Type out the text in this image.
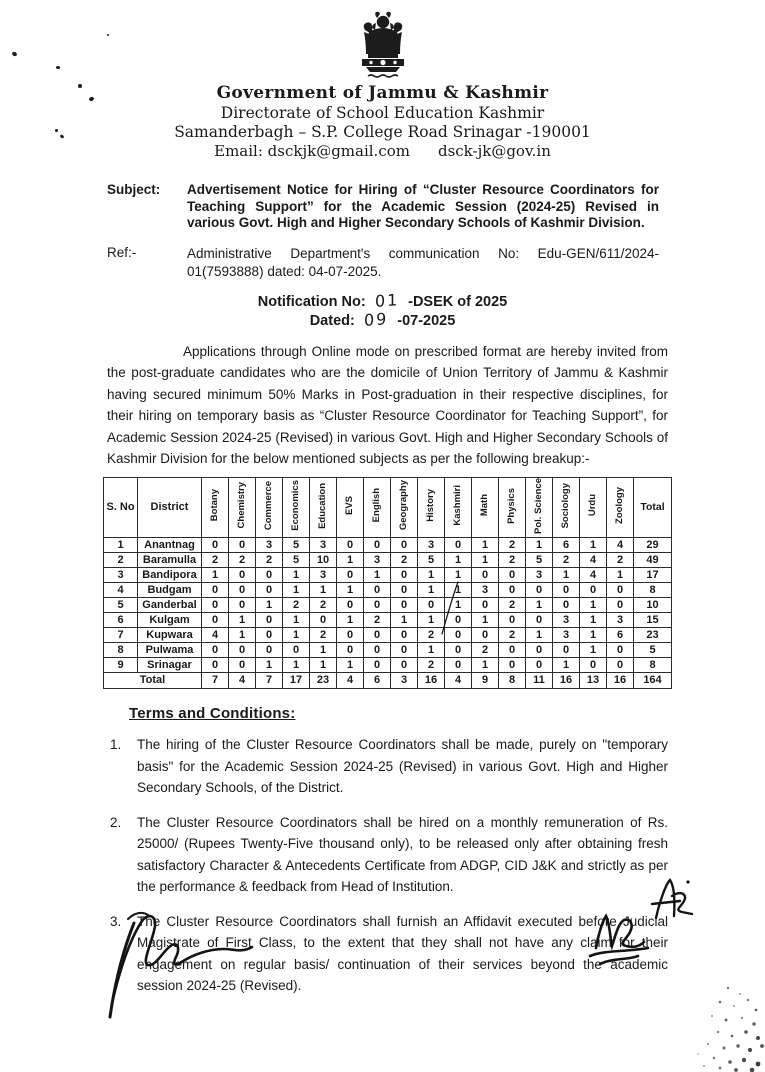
Government of Jammu & Kashmir
Directorate of School Education Kashmir
Samanderbagh – S.P. College Road Srinagar -190001
Email: dsckjk@gmail.com dsck-jk@gov.in
Subject:	Advertisement Notice for Hiring of “Cluster Resource Coordinators for Teaching Support” for the Academic Session (2024-25) Revised in various Govt. High and Higher Secondary Schools of Kashmir Division.
Ref:-	Administrative Department's communication No: Edu-GEN/611/2024-01(7593888) dated: 04-07-2025.
Notification No: 01 -DSEK of 2025
Dated: 09 -07-2025

Applications through Online mode on prescribed format are hereby invited from the post-graduate candidates who are the domicile of Union Territory of Jammu & Kashmir having secured minimum 50% Marks in Post-graduation in their respective disciplines, for their hiring on temporary basis as “Cluster Resource Coordinator for Teaching Support”, for Academic Session 2024-25 (Revised) in various Govt. High and Higher Secondary Schools of Kashmir Division for the below mentioned subjects as per the following breakup:-

S. No	District	Botany	Chemistry	Commerce	Economics	Education	EVS	English	Geography	History	Kashmiri	Math	Physics	Pol. Science	Sociology	Urdu	Zoology	Total
1	Anantnag	0	0	3	5	3	0	0	0	3	0	1	2	1	6	1	4	29
2	Baramulla	2	2	2	5	10	1	3	2	5	1	1	2	5	2	4	2	49
3	Bandipora	1	0	0	1	3	0	1	0	1	1	0	0	3	1	4	1	17
4	Budgam	0	0	0	1	1	1	0	0	1	1	3	0	0	0	0	0	8
5	Ganderbal	0	0	1	2	2	0	0	0	0	1	0	2	1	0	1	0	10
6	Kulgam	0	1	0	1	0	1	2	1	1	0	1	0	0	3	1	3	15
7	Kupwara	4	1	0	1	2	0	0	0	2	0	0	2	1	3	1	6	23
8	Pulwama	0	0	0	0	1	0	0	0	1	0	2	0	0	0	1	0	5
9	Srinagar	0	0	1	1	1	1	0	0	2	0	1	0	0	1	0	0	8
Total		7	4	7	17	23	4	6	3	16	4	9	8	11	16	13	16	164
Terms and Conditions:
1.	The hiring of the Cluster Resource Coordinators shall be made, purely on "temporary basis" for the Academic Session 2024-25 (Revised) in various Govt. High and Higher Secondary Schools, of the District.
2.	The Cluster Resource Coordinators shall be hired on a monthly remuneration of Rs. 25000/ (Rupees Twenty-Five thousand only), to be released only after obtaining fresh satisfactory Character & Antecedents Certificate from ADGP, CID J&K and strictly as per the performance & feedback from Head of Institution.
3.	The Cluster Resource Coordinators shall furnish an Affidavit executed before Judicial Magistrate of First Class, to the extent that they shall not have any claim for their engagement on regular basis/ continuation of their services beyond the academic session 2024-25 (Revised).
